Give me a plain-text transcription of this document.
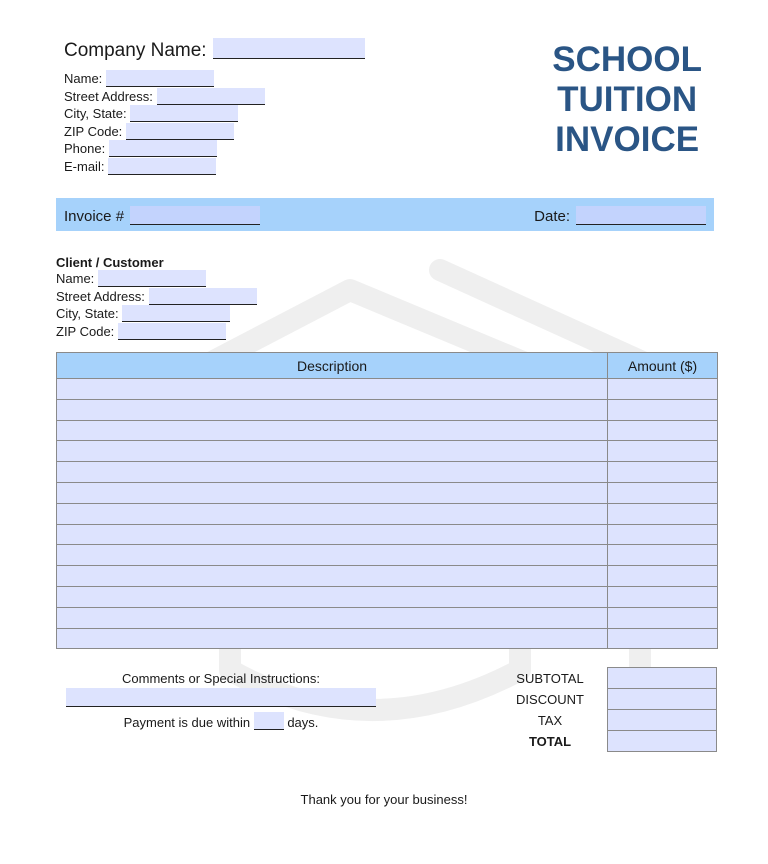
Company Name:
Name:
Street Address:
City, State:
ZIP Code:
Phone:
E-mail:
SCHOOL
TUITION
INVOICE
Invoice #	Date:
Client / Customer
Name:
Street Address:
City, State:
ZIP Code:
Description	Amount ($)

Comments or Special Instructions:
Payment is due within	days.
SUBTOTAL
DISCOUNT
TAX
TOTAL
Thank you for your business!
